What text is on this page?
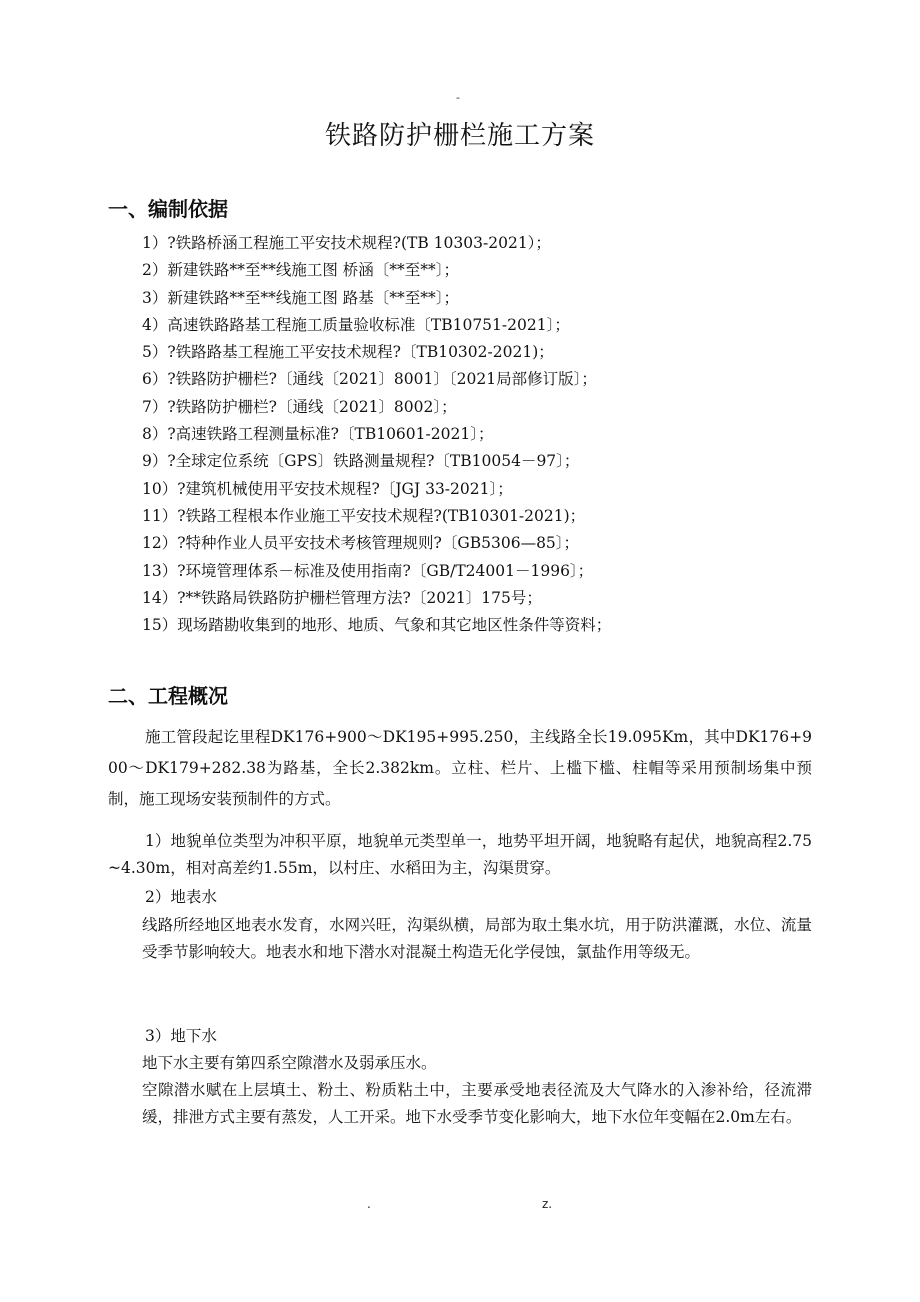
-
铁路防护栅栏施工方案
一、编制依据
1）?铁路桥涵工程施工平安技术规程?(TB 10303-2021）；
2）新建铁路**至**线施工图 桥涵〔**至**〕；
3）新建铁路**至**线施工图 路基〔**至**〕；
4）高速铁路路基工程施工质量验收标准〔TB10751-2021〕；
5）?铁路路基工程施工平安技术规程?〔TB10302-2021)；
6）?铁路防护栅栏?〔通线〔2021〕8001〕〔2021局部修订版〕；
7）?铁路防护栅栏?〔通线〔2021〕8002〕；
8）?高速铁路工程测量标准?〔TB10601-2021〕；
9）?全球定位系统〔GPS〕铁路测量规程?〔TB10054－97〕；
10）?建筑机械使用平安技术规程?〔JGJ 33-2021〕；
11）?铁路工程根本作业施工平安技术规程?(TB10301-2021)；
12）?特种作业人员平安技术考核管理规则?〔GB5306—85〕；
13）?环境管理体系－标准及使用指南?〔GB/T24001－1996〕；
14）?**铁路局铁路防护栅栏管理方法?〔2021〕175号；
15）现场踏勘收集到的地形、地质、气象和其它地区性条件等资料；
二、工程概况

施工管段起讫里程DK176+900～DK195+995.250，主线路全长19.095Km，其中DK176+900～DK179+282.38为路基，全长2.382km。立柱、栏片、上槛下槛、柱帽等采用预制场集中预制，施工现场安装预制件的方式。

1）地貌单位类型为冲积平原，地貌单元类型单一，地势平坦开阔，地貌略有起伏，地貌高程2.75~4.30m，相对高差约1.55m，以村庄、水稻田为主，沟渠贯穿。

2）地表水

线路所经地区地表水发育，水网兴旺，沟渠纵横，局部为取土集水坑，用于防洪灌溉，水位、流量受季节影响较大。地表水和地下潜水对混凝土构造无化学侵蚀，氯盐作用等级无。

3）地下水

地下水主要有第四系空隙潜水及弱承压水。

空隙潜水赋在上层填土、粉土、粉质粘土中，主要承受地表径流及大气降水的入渗补给，径流滞缓，排泄方式主要有蒸发，人工开采。地下水受季节变化影响大，地下水位年变幅在2.0m左右。

.	z.
